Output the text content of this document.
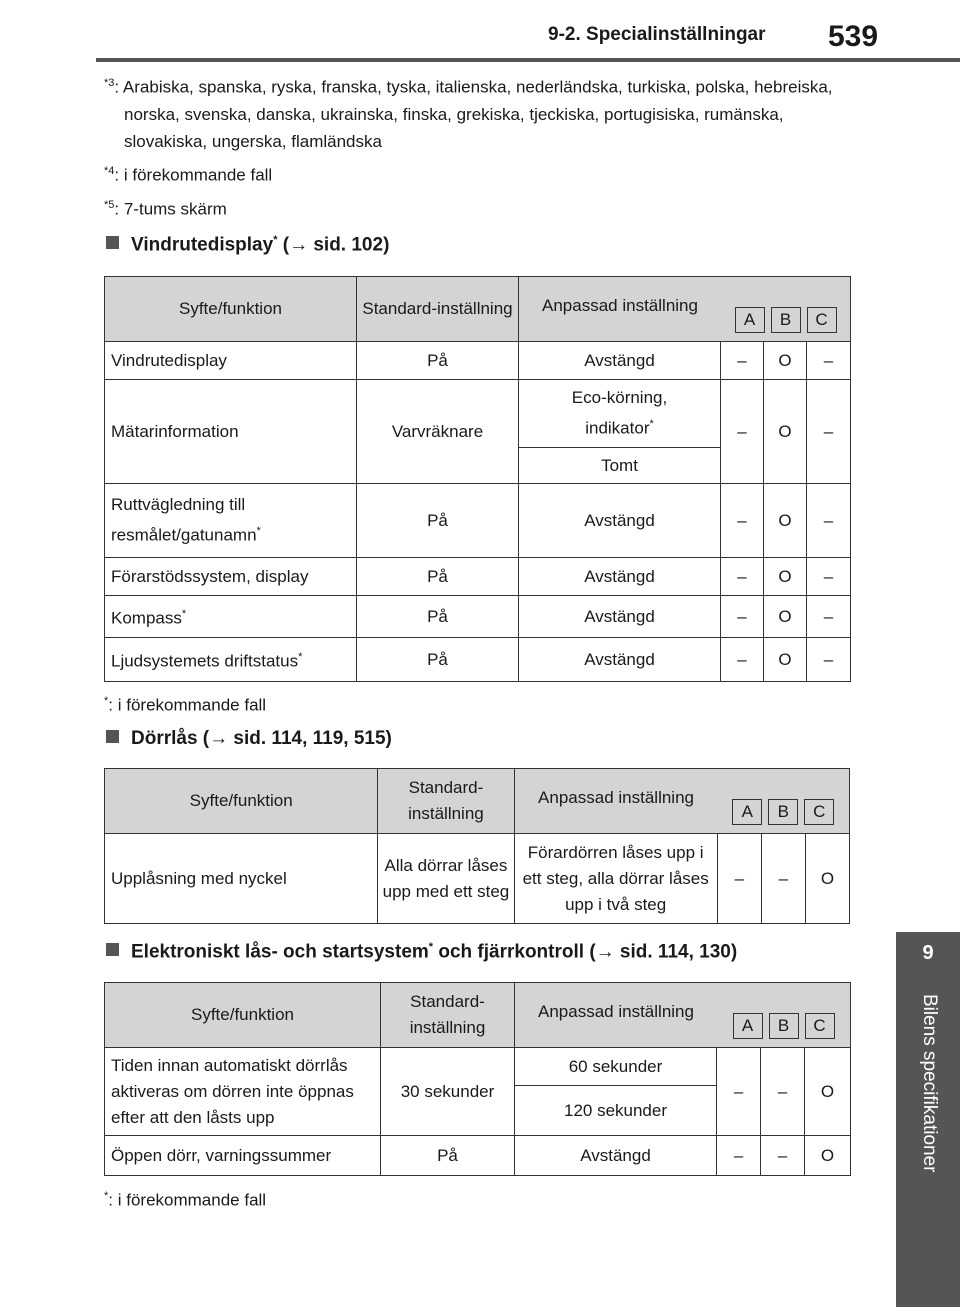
9-2. Specialinställningar 539
9
Bilens specifikationer
$^{*3}$: Arabiska, spanska, ryska, franska, tyska, italienska, nederländska, turkiska, polska, hebreiska, norska, svenska, danska, ukrainska, finska, grekiska, tjeckiska, portugisiska, rumänska, slovakiska, ungerska, flamländska
$^{*4}$: i förekommande fall
$^{*5}$: 7-tums skärm
Vindrutedisplay* (→ sid. 102)
Syfte/funktion	Standard-inställning	Anpassad inställning
A B C			

Vindrutedisplay	På	Avstängd	–	O	–
Mätarinformation	Varvräknare	Eco-körning, indikator*	–	O	–
		Tomt			
Ruttvägledning till resmålet/gatunamn*	På	Avstängd	–	O	–
Förarstödssystem, display	På	Avstängd	–	O	–
Kompass*	På	Avstängd	–	O	–
Ljudsystemets driftstatus*	På	Avstängd	–	O	–
*: i förekommande fall
Dörrlås (→ sid. 114, 119, 515)
Syfte/funktion	Standard-inställning	Anpassad inställning
A B C			

Upplåsning med nyckel	Alla dörrar låses upp med ett steg	Förardörren låses upp i ett steg, alla dörrar låses upp i två steg	–	–	O
Elektroniskt lås- och startsystem* och fjärrkontroll (→ sid. 114, 130)
Syfte/funktion	Standard-inställning	Anpassad inställning
A B C			

Tiden innan automatiskt dörrlås aktiveras om dörren inte öppnas efter att den låsts upp	30 sekunder	60 sekunder	–	–	O
		120 sekunder			
Öppen dörr, varningssummer	På	Avstängd	–	–	O
*: i förekommande fall
